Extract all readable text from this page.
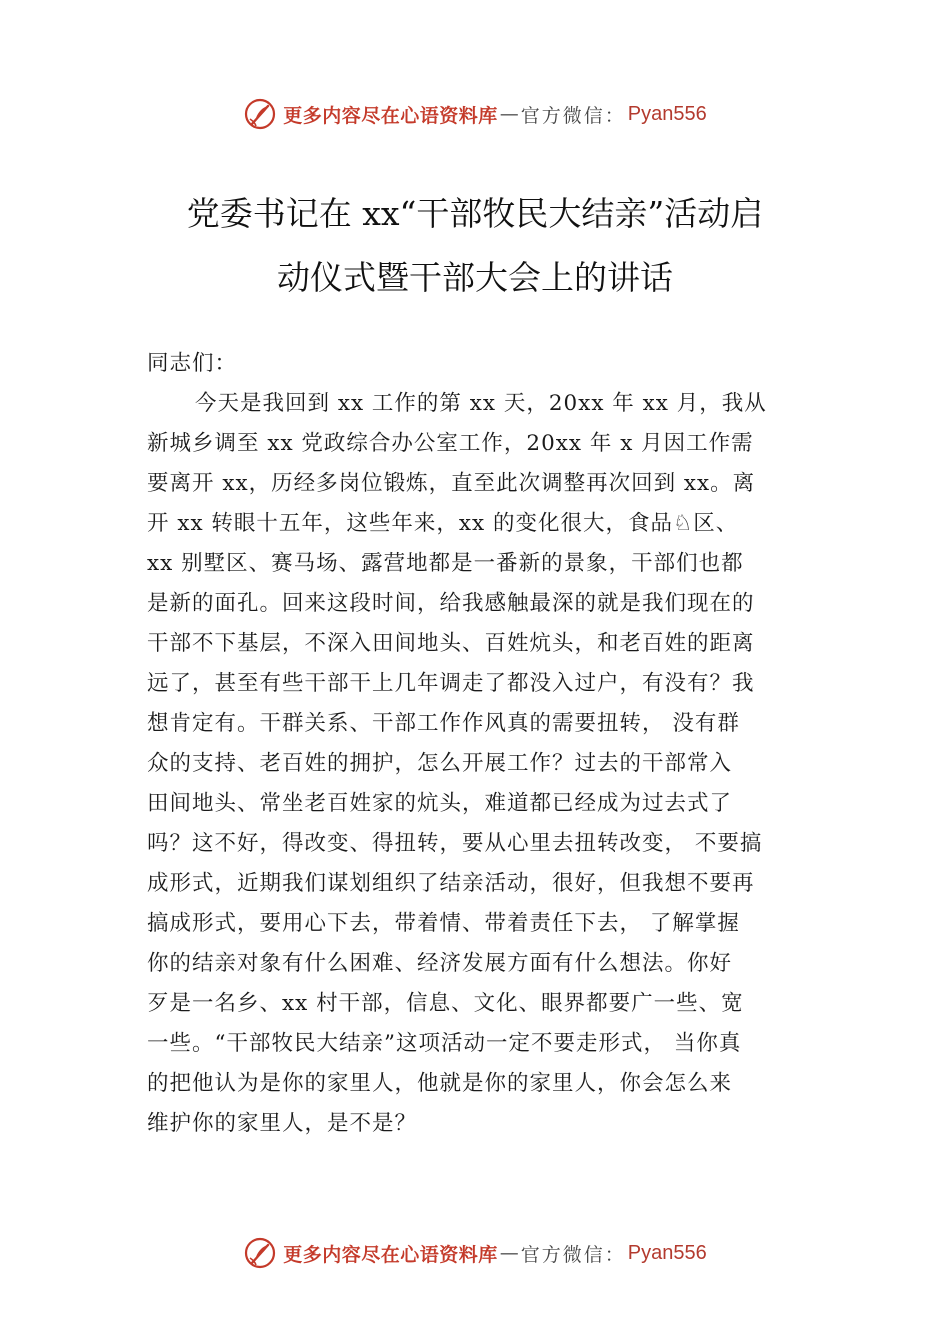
更多内容尽在心语资料库 — 官方微信： Pyan556
党委书记在 xx“干部牧民大结亲”活动启
动仪式暨干部大会上的讲话
同志们：
今天是我回到 xx 工作的第 xx 天，20xx 年 xx 月，我从
新城乡调至 xx 党政综合办公室工作，20xx 年 x 月因工作需
要离开 xx，历经多岗位锻炼，直至此次调整再次回到 xx。离
开 xx 转眼十五年，这些年来，xx 的变化很大，食品♘区、
xx 别墅区、赛马场、露营地都是一番新的景象，干部们也都
是新的面孔。回来这段时间，给我感触最深的就是我们现在的
干部不下基层，不深入田间地头、百姓炕头，和老百姓的距离
远了，甚至有些干部干上几年调走了都没入过户，有没有？我
想肯定有。干群关系、干部工作作风真的需要扭转， 没有群
众的支持、老百姓的拥护，怎么开展工作？过去的干部常入
田间地头、常坐老百姓家的炕头，难道都已经成为过去式了
吗？这不好，得改变、得扭转，要从心里去扭转改变， 不要搞
成形式，近期我们谋划组织了结亲活动，很好，但我想不要再
搞成形式，要用心下去，带着情、带着责任下去， 了解掌握
你的结亲对象有什么困难、经济发展方面有什么想法。你好
歹是一名乡、xx 村干部，信息、文化、眼界都要广一些、宽
一些。“干部牧民大结亲”这项活动一定不要走形式， 当你真
的把他认为是你的家里人，他就是你的家里人，你会怎么来
维护你的家里人，是不是？
更多内容尽在心语资料库 — 官方微信： Pyan556
